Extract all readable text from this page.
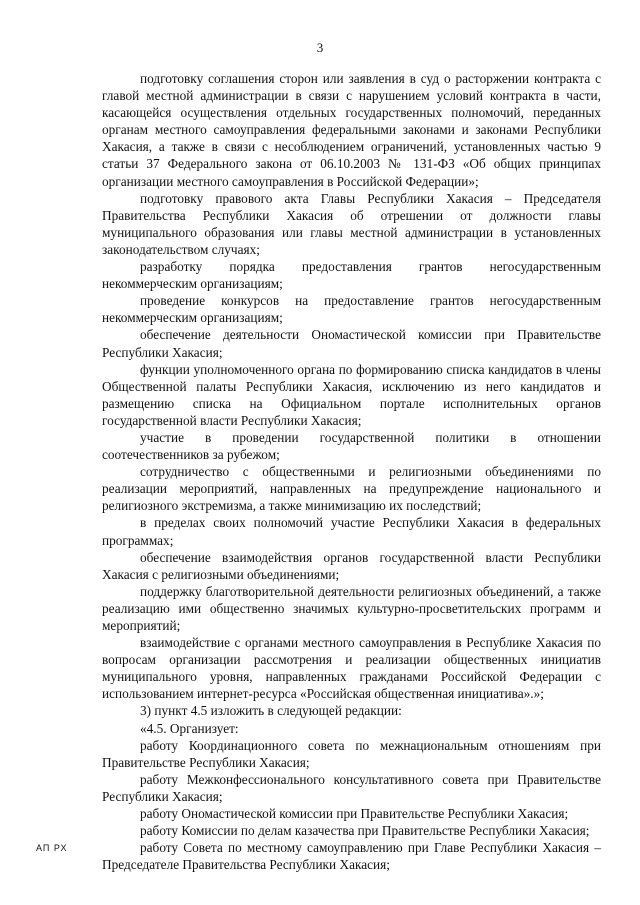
3

подготовку соглашения сторон или заявления в суд о расторжении контракта с главой местной администрации в связи с нарушением условий контракта в части, касающейся осуществления отдельных государственных полномочий, переданных органам местного самоуправления федеральными законами и законами Республики Хакасия, а также в связи с несоблюдением ограничений, установленных частью 9 статьи 37 Федерального закона от 06.10.2003 № 131-ФЗ «Об общих принципах организации местного самоуправления в Российской Федерации»;

подготовку правового акта Главы Республики Хакасия – Председателя Правительства Республики Хакасия об отрешении от должности главы муниципального образования или главы местной администрации в установленных законодательством случаях;

разработку порядка предоставления грантов негосударственным некоммерческим организациям;

проведение конкурсов на предоставление грантов негосударственным некоммерческим организациям;

обеспечение деятельности Ономастической комиссии при Правительстве Республики Хакасия;

функции уполномоченного органа по формированию списка кандидатов в члены Общественной палаты Республики Хакасия, исключению из него кандидатов и размещению списка на Официальном портале исполнительных органов государственной власти Республики Хакасия;

участие в проведении государственной политики в отношении соотечественников за рубежом;

сотрудничество с общественными и религиозными объединениями по реализации мероприятий, направленных на предупреждение национального и религиозного экстремизма, а также минимизацию их последствий;

в пределах своих полномочий участие Республики Хакасия в федеральных программах;

обеспечение взаимодействия органов государственной власти Республики Хакасия с религиозными объединениями;

поддержку благотворительной деятельности религиозных объединений, а также реализацию ими общественно значимых культурно-просветительских программ и мероприятий;

взаимодействие с органами местного самоуправления в Республике Хакасия по вопросам организации рассмотрения и реализации общественных инициатив муниципального уровня, направленных гражданами Российской Федерации с использованием интернет-ресурса «Российская общественная инициатива».»;

3) пункт 4.5 изложить в следующей редакции:

«4.5. Организует:

работу Координационного совета по межнациональным отношениям при Правительстве Республики Хакасия;

работу Межконфессионального консультативного совета при Правительстве Республики Хакасия;

работу Ономастической комиссии при Правительстве Республики Хакасия;

работу Комиссии по делам казачества при Правительстве Республики Хакасия;

работу Совета по местному самоуправлению при Главе Республики Хакасия – Председателе Правительства Республики Хакасия;

АП РХ
